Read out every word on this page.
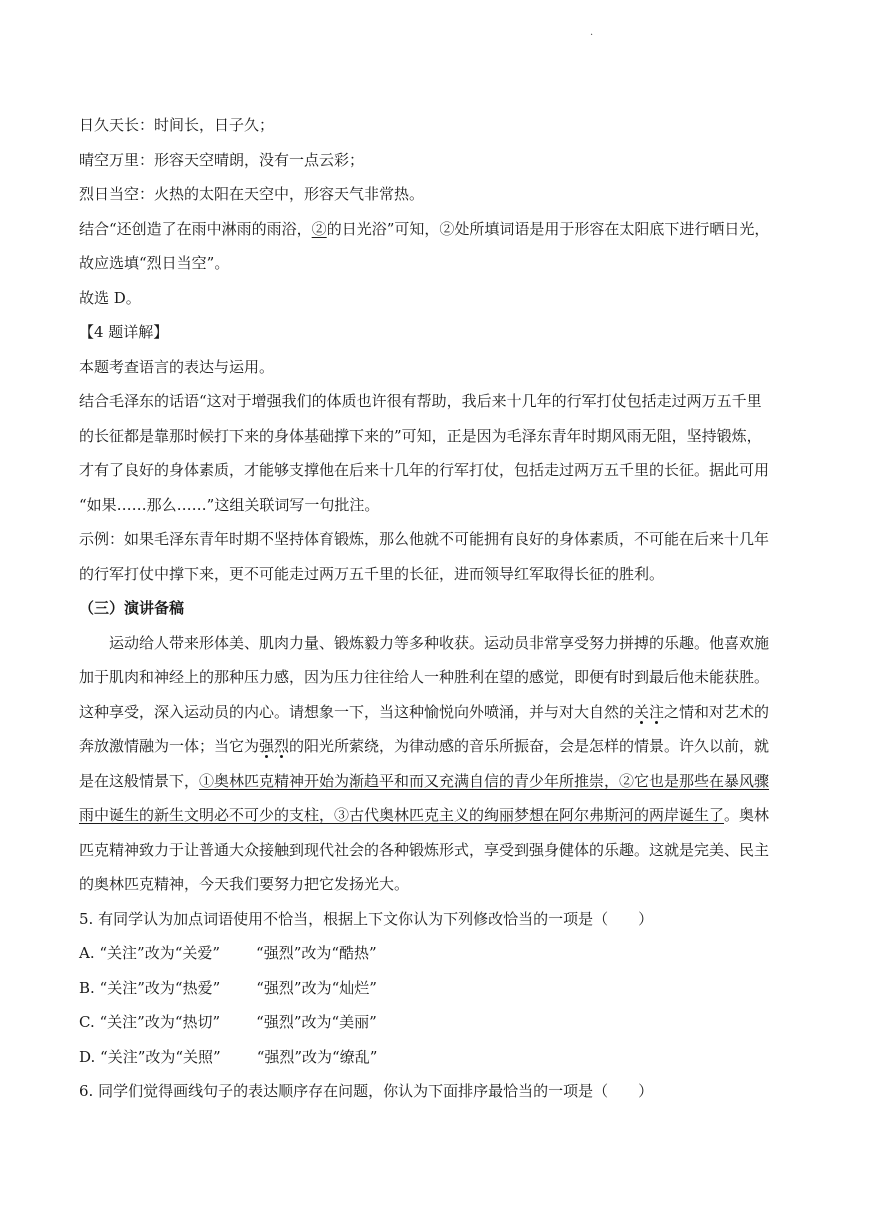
·
日久天长：时间长，日子久；
晴空万里：形容天空晴朗，没有一点云彩；
烈日当空：火热的太阳在天空中，形容天气非常热。
结合“还创造了在雨中淋雨的雨浴，②的日光浴”可知，②处所填词语是用于形容在太阳底下进行晒日光，
故应选填“烈日当空”。
故选 D。
【4 题详解】
本题考查语言的表达与运用。
结合毛泽东的话语“这对于增强我们的体质也许很有帮助，我后来十几年的行军打仗包括走过两万五千里
的长征都是靠那时候打下来的身体基础撑下来的”可知，正是因为毛泽东青年时期风雨无阻，坚持锻炼，
才有了良好的身体素质，才能够支撑他在后来十几年的行军打仗，包括走过两万五千里的长征。据此可用
“如果……那么……”这组关联词写一句批注。
示例：如果毛泽东青年时期不坚持体育锻炼，那么他就不可能拥有良好的身体素质，不可能在后来十几年
的行军打仗中撑下来，更不可能走过两万五千里的长征，进而领导红军取得长征的胜利。
（三）演讲备稿
运动给人带来形体美、肌肉力量、锻炼毅力等多种收获。运动员非常享受努力拼搏的乐趣。他喜欢施
加于肌肉和神经上的那种压力感，因为压力往往给人一种胜利在望的感觉，即便有时到最后他未能获胜。
这种享受，深入运动员的内心。请想象一下，当这种愉悦向外喷涌，并与对大自然的关注之情和对艺术的
奔放激情融为一体；当它为强烈的阳光所萦绕，为律动感的音乐所振奋，会是怎样的情景。许久以前，就
是在这般情景下，①奥林匹克精神开始为渐趋平和而又充满自信的青少年所推崇，②它也是那些在暴风骤
雨中诞生的新生文明必不可少的支柱，③古代奥林匹克主义的绚丽梦想在阿尔弗斯河的两岸诞生了。奥林
匹克精神致力于让普通大众接触到现代社会的各种锻炼形式，享受到强身健体的乐趣。这就是完美、民主
的奥林匹克精神，今天我们要努力把它发扬光大。
5. 有同学认为加点词语使用不恰当，根据上下文你认为下列修改恰当的一项是（　　）
A. “关注”改为“关爱” “强烈”改为“酷热”
B. “关注”改为“热爱” “强烈”改为“灿烂”
C. “关注”改为“热切” “强烈”改为“美丽”
D. “关注”改为“关照” “强烈”改为“缭乱”
6. 同学们觉得画线句子的表达顺序存在问题，你认为下面排序最恰当的一项是（　　）
